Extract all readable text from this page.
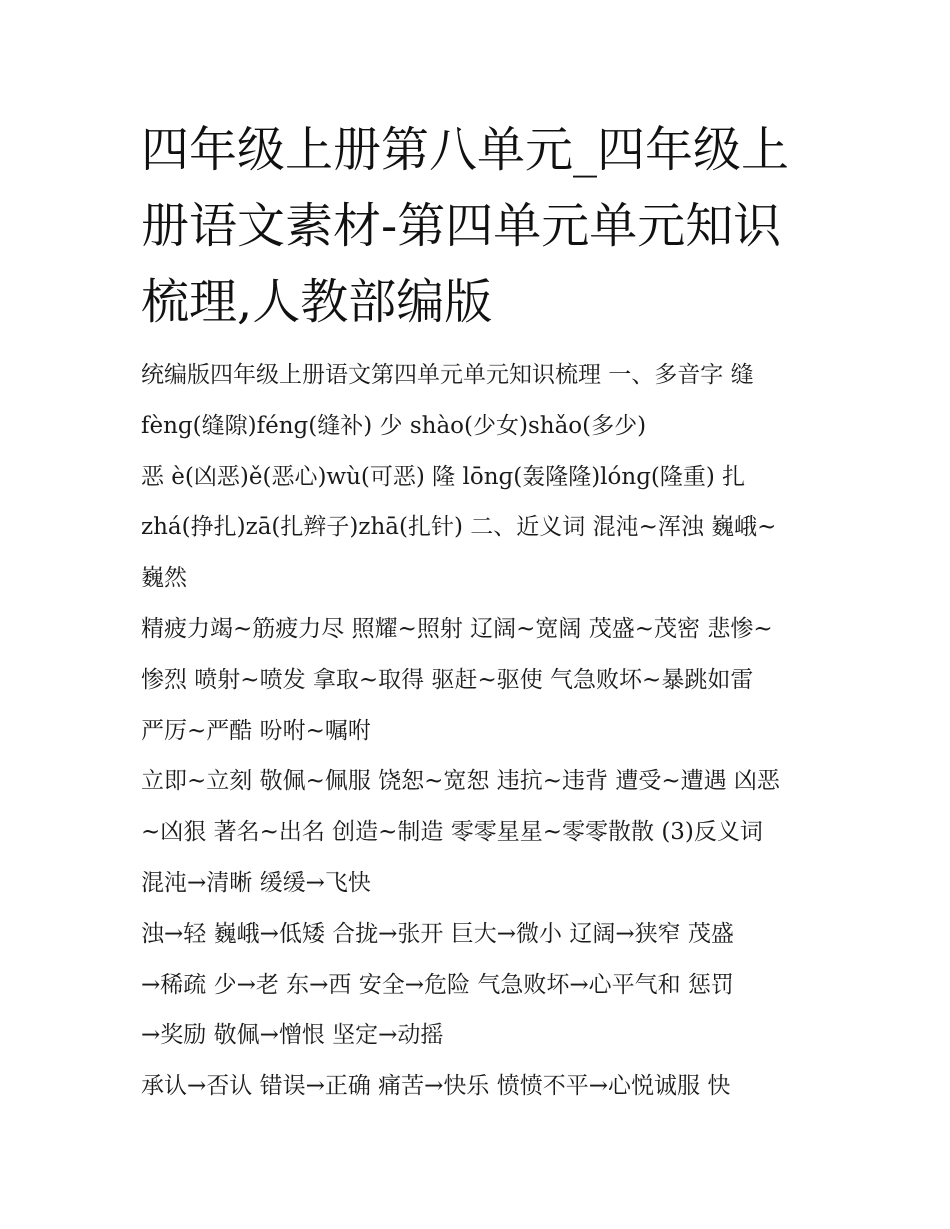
四年级上册第八单元_四年级上
册语文素材-第四单元单元知识
梳理,人教部编版
统编版四年级上册语文第四单元单元知识梳理 一、多音字 缝
fènɡ(缝隙)fénɡ(缝补) 少 shào(少女)shǎo(多少)
恶 è(凶恶)ě(恶心)wù(可恶) 隆 lōnɡ(轰隆隆)lónɡ(隆重) 扎
zhá(挣扎)zā(扎辫子)zhā(扎针) 二、近义词 混沌~浑浊 巍峨~
巍然
精疲力竭~筋疲力尽 照耀~照射 辽阔~宽阔 茂盛~茂密 悲惨~
惨烈 喷射~喷发 拿取~取得 驱赶~驱使 气急败坏~暴跳如雷
严厉~严酷 吩咐~嘱咐
立即~立刻 敬佩~佩服 饶恕~宽恕 违抗~违背 遭受~遭遇 凶恶
~凶狠 著名~出名 创造~制造 零零星星~零零散散 (3)反义词
混沌→清晰 缓缓→飞快
浊→轻 巍峨→低矮 合拢→张开 巨大→微小 辽阔→狭窄 茂盛
→稀疏 少→老 东→西 安全→危险 气急败坏→心平气和 惩罚
→奖励 敬佩→憎恨 坚定→动摇
承认→否认 错误→正确 痛苦→快乐 愤愤不平→心悦诚服 快
